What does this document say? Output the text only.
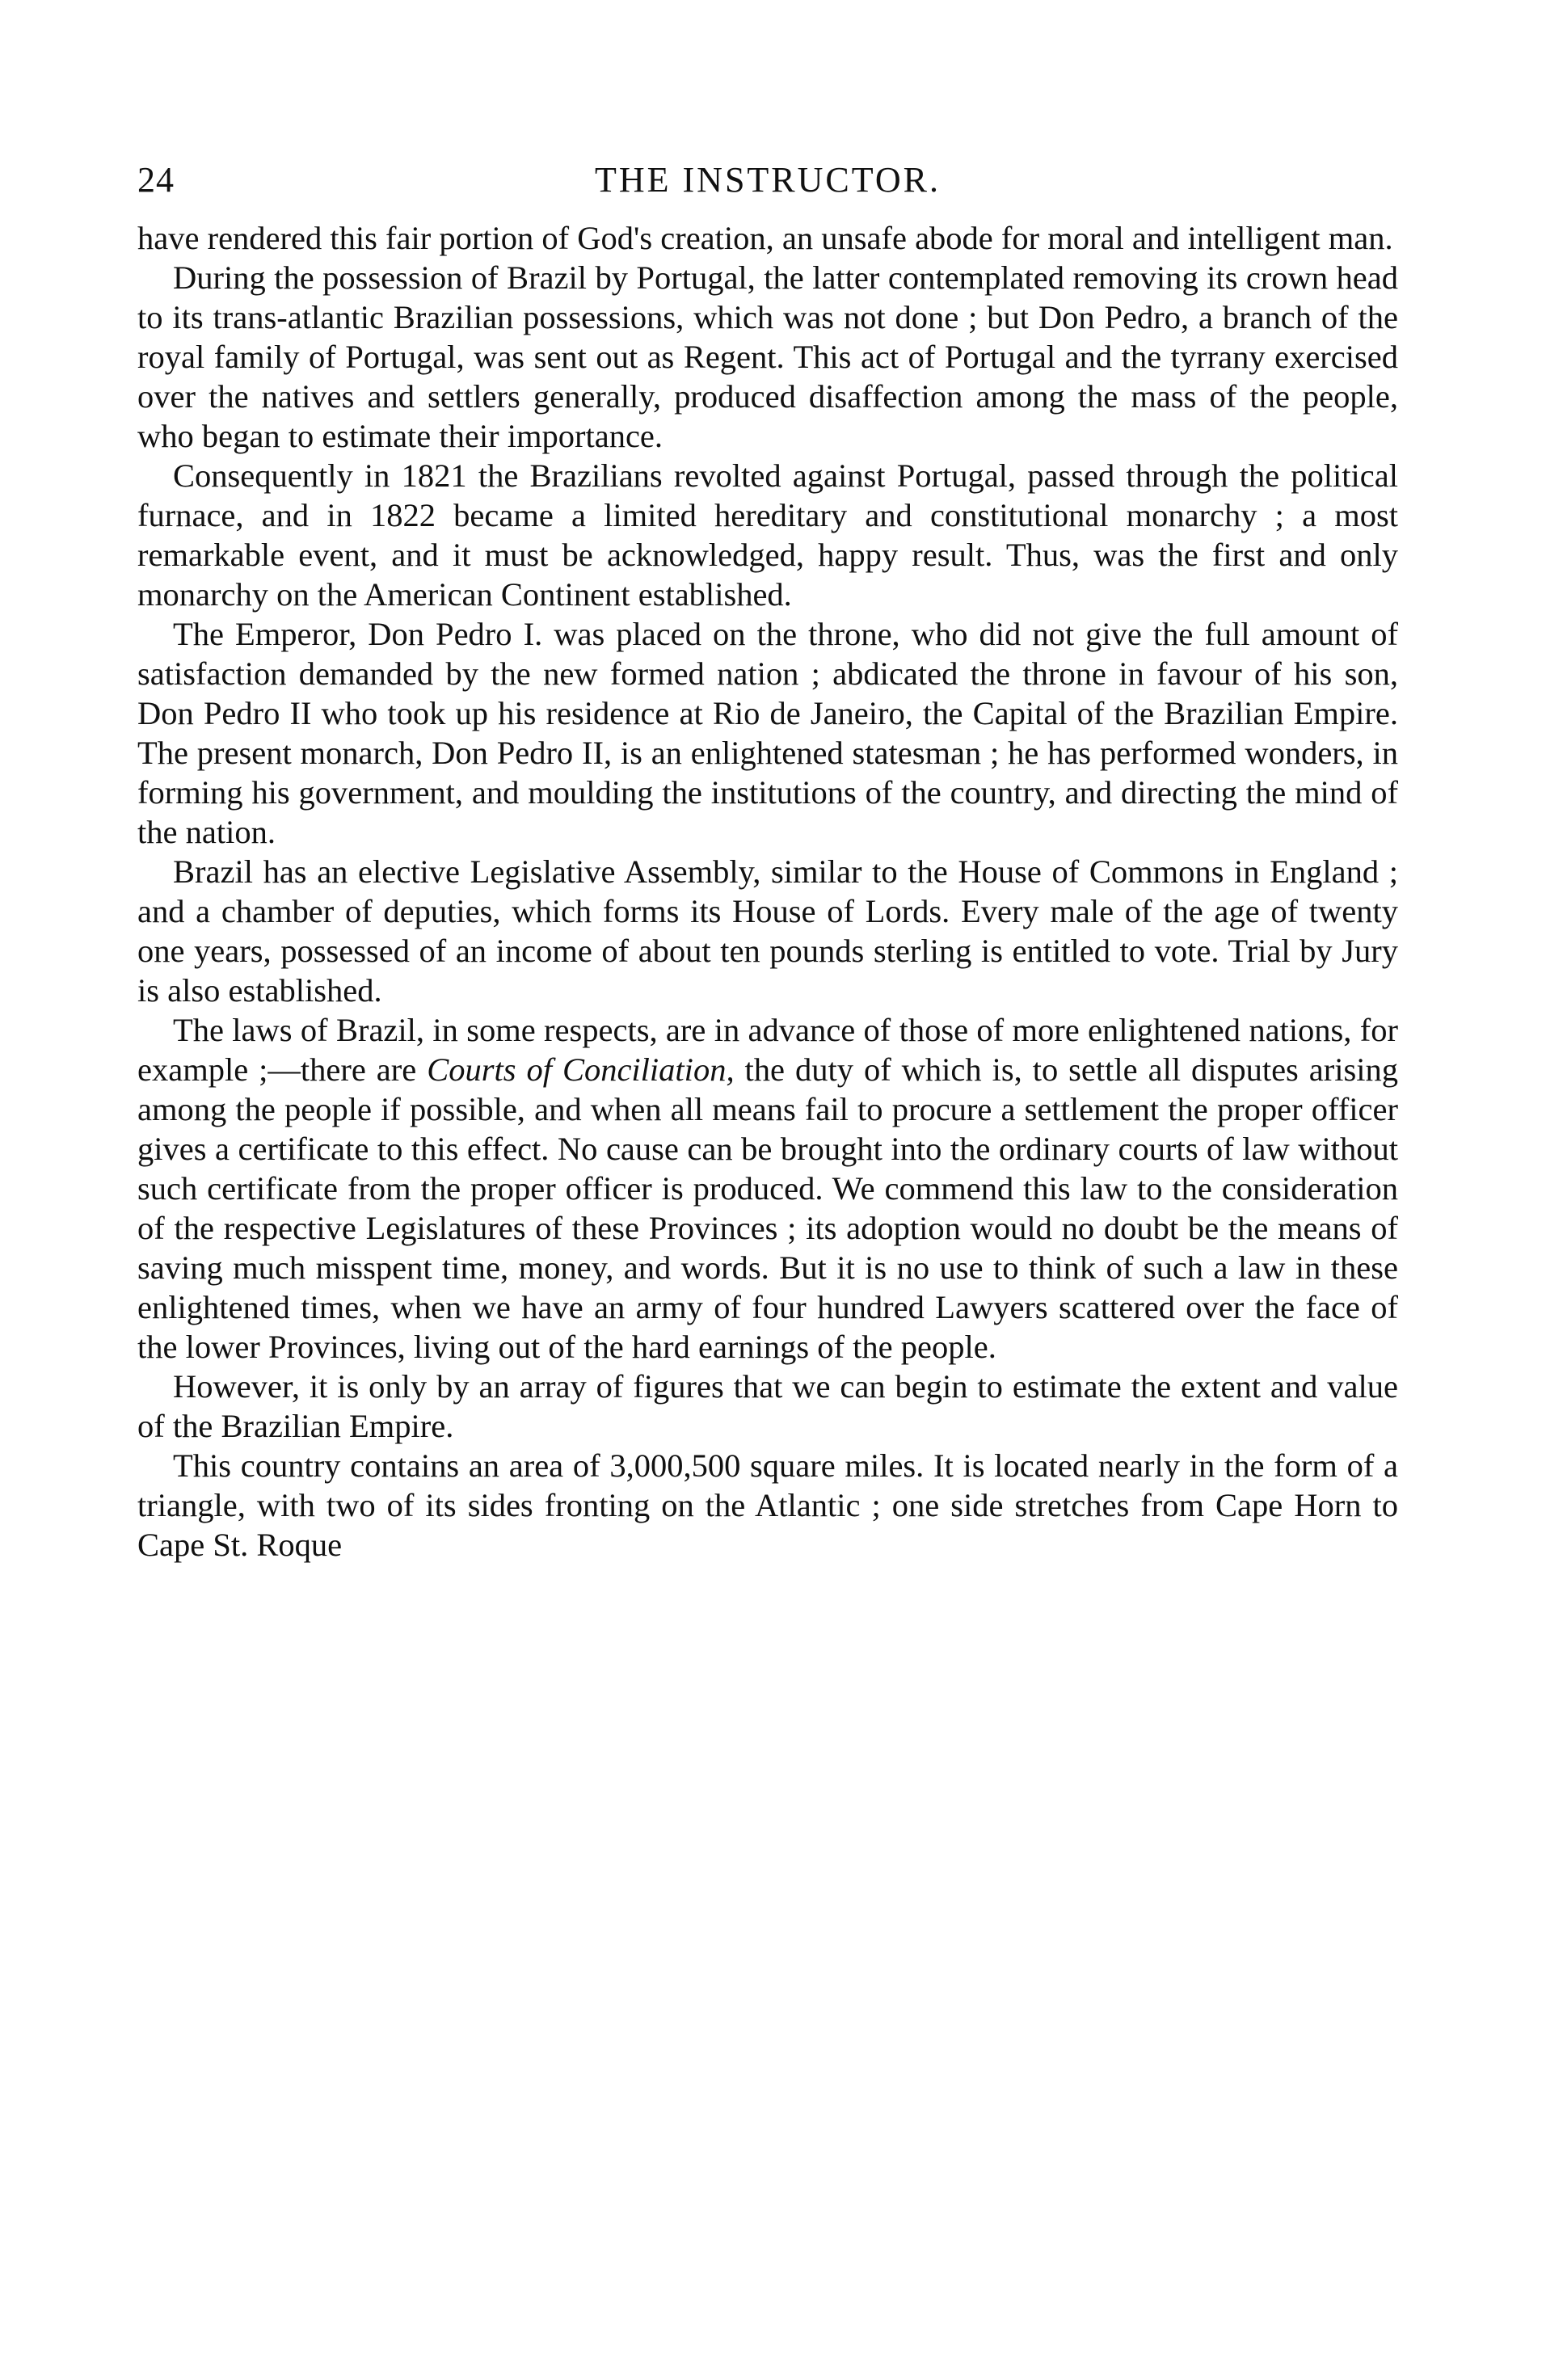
24	THE INSTRUCTOR.

have rendered this fair portion of God's creation, an unsafe abode for moral and intelligent man.

During the possession of Brazil by Portugal, the latter contemplated removing its crown head to its trans-atlantic Brazilian possessions, which was not done ; but Don Pedro, a branch of the royal family of Portugal, was sent out as Regent. This act of Portugal and the tyrrany exercised over the natives and settlers generally, produced disaffection among the mass of the people, who began to estimate their importance.

Consequently in 1821 the Brazilians revolted against Portugal, passed through the political furnace, and in 1822 became a limited hereditary and constitutional monarchy ; a most remarkable event, and it must be acknowledged, happy result. Thus, was the first and only monarchy on the American Continent established.

The Emperor, Don Pedro I. was placed on the throne, who did not give the full amount of satisfaction demanded by the new formed nation ; abdicated the throne in favour of his son, Don Pedro II who took up his residence at Rio de Janeiro, the Capital of the Brazilian Empire. The present monarch, Don Pedro II, is an enlightened statesman ; he has performed wonders, in forming his government, and moulding the institutions of the country, and directing the mind of the nation.

Brazil has an elective Legislative Assembly, similar to the House of Commons in England ; and a chamber of deputies, which forms its House of Lords. Every male of the age of twenty one years, possessed of an income of about ten pounds sterling is entitled to vote. Trial by Jury is also established.

The laws of Brazil, in some respects, are in advance of those of more enlightened nations, for example ;—there are Courts of Conciliation, the duty of which is, to settle all disputes arising among the people if possible, and when all means fail to procure a settlement the proper officer gives a certificate to this effect. No cause can be brought into the ordinary courts of law without such certificate from the proper officer is produced. We commend this law to the consideration of the respective Legislatures of these Provinces ; its adoption would no doubt be the means of saving much misspent time, money, and words. But it is no use to think of such a law in these enlightened times, when we have an army of four hundred Lawyers scattered over the face of the lower Provinces, living out of the hard earnings of the people.

However, it is only by an array of figures that we can begin to estimate the extent and value of the Brazilian Empire.

This country contains an area of 3,000,500 square miles. It is located nearly in the form of a triangle, with two of its sides fronting on the Atlantic ; one side stretches from Cape Horn to Cape St. Roque
